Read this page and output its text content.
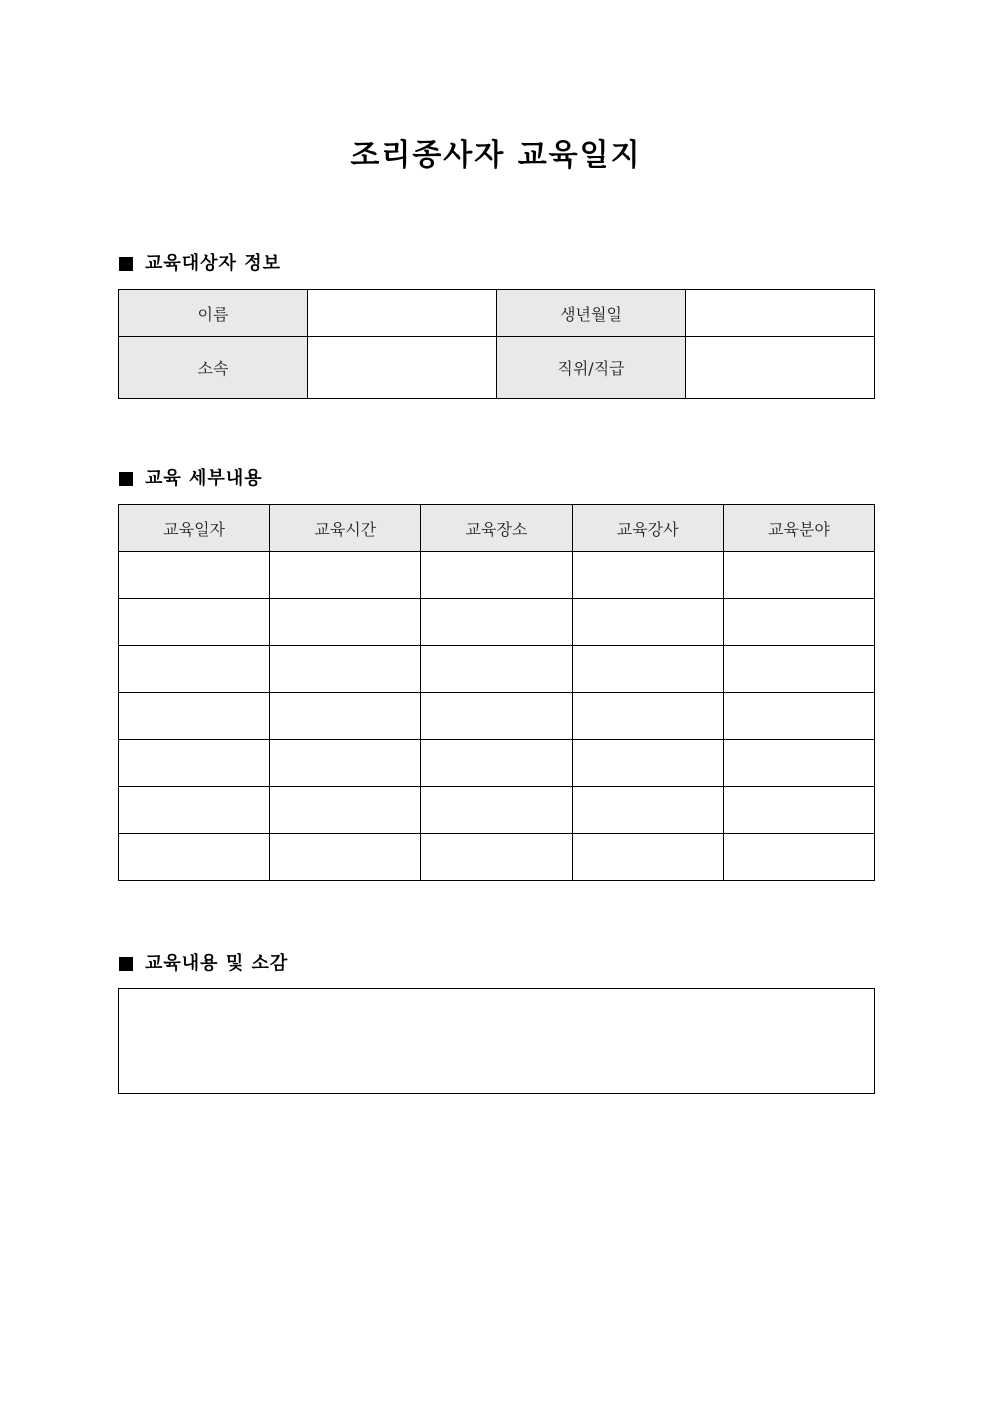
조리종사자 교육일지
교육대상자 정보
이름		생년월일	
소속		직위/직급	
교육 세부내용
교육일자	교육시간	교육장소	교육강사	교육분야

교육내용 및 소감
